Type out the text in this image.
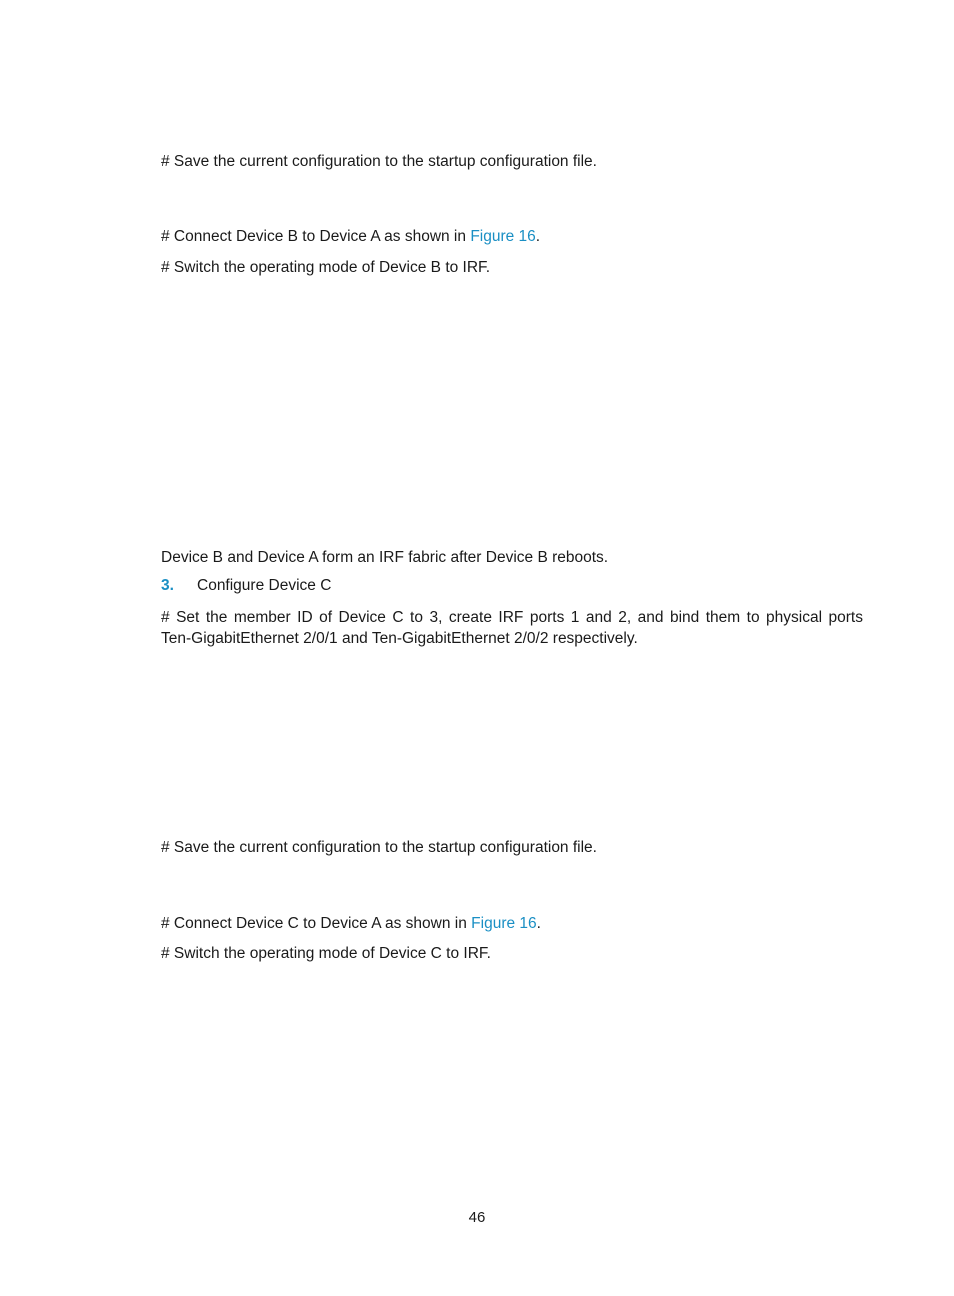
# Save the current configuration to the startup configuration file.
# Connect Device B to Device A as shown in Figure 16.
# Switch the operating mode of Device B to IRF.
Device B and Device A form an IRF fabric after Device B reboots.
3. Configure Device C
# Set the member ID of Device C to 3, create IRF ports 1 and 2, and bind them to physical ports
Ten-GigabitEthernet 2/0/1 and Ten-GigabitEthernet 2/0/2 respectively.
# Save the current configuration to the startup configuration file.
# Connect Device C to Device A as shown in Figure 16.
# Switch the operating mode of Device C to IRF.
46
